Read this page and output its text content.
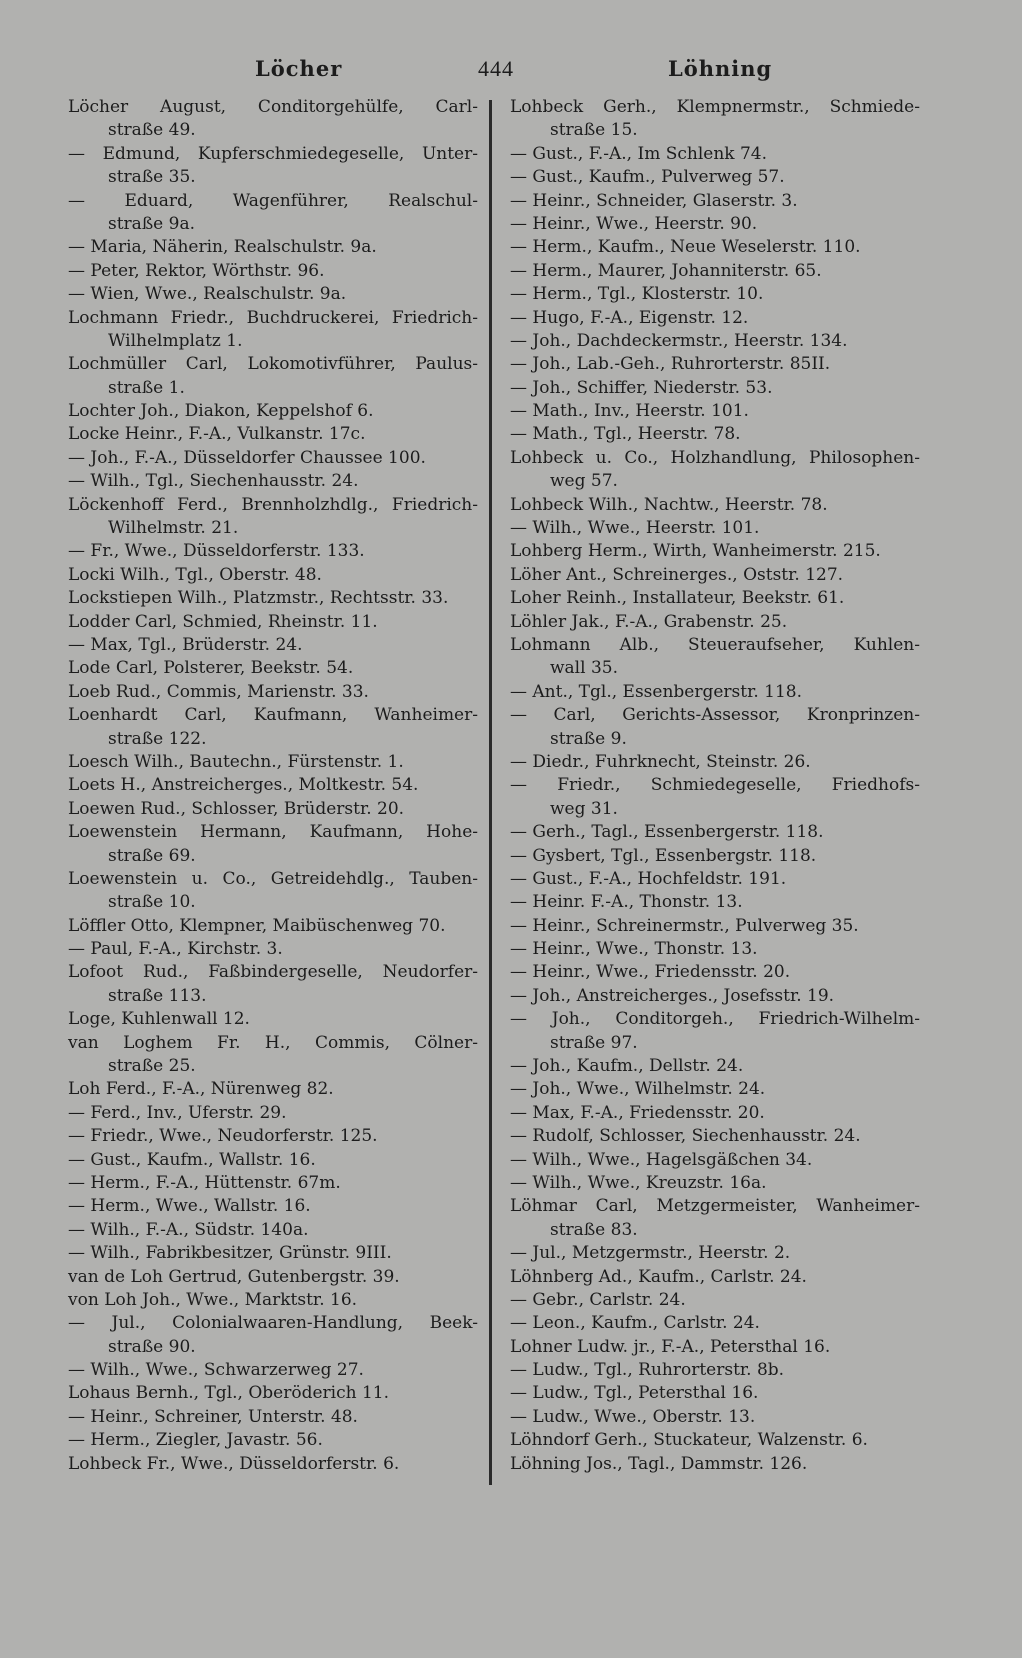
Löcher	444	Löhning
Löcher August, Conditorgehülfe, Carl-
straße 49.
— Edmund, Kupferschmiedegeselle, Unter-
straße 35.
— Eduard, Wagenführer, Realschul-
straße 9a.
— Maria, Näherin, Realschulstr. 9a.
— Peter, Rektor, Wörthstr. 96.
— Wien, Wwe., Realschulstr. 9a.
Lochmann Friedr., Buchdruckerei, Friedrich-
Wilhelmplatz 1.
Lochmüller Carl, Lokomotivführer, Paulus-
straße 1.
Lochter Joh., Diakon, Keppelshof 6.
Locke Heinr., F.-A., Vulkanstr. 17c.
— Joh., F.-A., Düsseldorfer Chaussee 100.
— Wilh., Tgl., Siechenhausstr. 24.
Löckenhoff Ferd., Brennholzhdlg., Friedrich-
Wilhelmstr. 21.
— Fr., Wwe., Düsseldorferstr. 133.
Locki Wilh., Tgl., Oberstr. 48.
Lockstiepen Wilh., Platzmstr., Rechtsstr. 33.
Lodder Carl, Schmied, Rheinstr. 11.
— Max, Tgl., Brüderstr. 24.
Lode Carl, Polsterer, Beekstr. 54.
Loeb Rud., Commis, Marienstr. 33.
Loenhardt Carl, Kaufmann, Wanheimer-
straße 122.
Loesch Wilh., Bautechn., Fürstenstr. 1.
Loets H., Anstreicherges., Moltkestr. 54.
Loewen Rud., Schlosser, Brüderstr. 20.
Loewenstein Hermann, Kaufmann, Hohe-
straße 69.
Loewenstein u. Co., Getreidehdlg., Tauben-
straße 10.
Löffler Otto, Klempner, Maibüschenweg 70.
— Paul, F.-A., Kirchstr. 3.
Lofoot Rud., Faßbindergeselle, Neudorfer-
straße 113.
Loge, Kuhlenwall 12.
van Loghem Fr. H., Commis, Cölner-
straße 25.
Loh Ferd., F.-A., Nürenweg 82.
— Ferd., Inv., Uferstr. 29.
— Friedr., Wwe., Neudorferstr. 125.
— Gust., Kaufm., Wallstr. 16.
— Herm., F.-A., Hüttenstr. 67m.
— Herm., Wwe., Wallstr. 16.
— Wilh., F.-A., Südstr. 140a.
— Wilh., Fabrikbesitzer, Grünstr. 9III.
van de Loh Gertrud, Gutenbergstr. 39.
von Loh Joh., Wwe., Marktstr. 16.
— Jul., Colonialwaaren-Handlung, Beek-
straße 90.
— Wilh., Wwe., Schwarzerweg 27.
Lohaus Bernh., Tgl., Oberöderich 11.
— Heinr., Schreiner, Unterstr. 48.
— Herm., Ziegler, Javastr. 56.
Lohbeck Fr., Wwe., Düsseldorferstr. 6.
Lohbeck Gerh., Klempnermstr., Schmiede-
straße 15.
— Gust., F.-A., Im Schlenk 74.
— Gust., Kaufm., Pulverweg 57.
— Heinr., Schneider, Glaserstr. 3.
— Heinr., Wwe., Heerstr. 90.
— Herm., Kaufm., Neue Weselerstr. 110.
— Herm., Maurer, Johanniterstr. 65.
— Herm., Tgl., Klosterstr. 10.
— Hugo, F.-A., Eigenstr. 12.
— Joh., Dachdeckermstr., Heerstr. 134.
— Joh., Lab.-Geh., Ruhrorterstr. 85II.
— Joh., Schiffer, Niederstr. 53.
— Math., Inv., Heerstr. 101.
— Math., Tgl., Heerstr. 78.
Lohbeck u. Co., Holzhandlung, Philosophen-
weg 57.
Lohbeck Wilh., Nachtw., Heerstr. 78.
— Wilh., Wwe., Heerstr. 101.
Lohberg Herm., Wirth, Wanheimerstr. 215.
Löher Ant., Schreinerges., Oststr. 127.
Loher Reinh., Installateur, Beekstr. 61.
Löhler Jak., F.-A., Grabenstr. 25.
Lohmann Alb., Steueraufseher, Kuhlen-
wall 35.
— Ant., Tgl., Essenbergerstr. 118.
— Carl, Gerichts-Assessor, Kronprinzen-
straße 9.
— Diedr., Fuhrknecht, Steinstr. 26.
— Friedr., Schmiedegeselle, Friedhofs-
weg 31.
— Gerh., Tagl., Essenbergerstr. 118.
— Gysbert, Tgl., Essenbergstr. 118.
— Gust., F.-A., Hochfeldstr. 191.
— Heinr. F.-A., Thonstr. 13.
— Heinr., Schreinermstr., Pulverweg 35.
— Heinr., Wwe., Thonstr. 13.
— Heinr., Wwe., Friedensstr. 20.
— Joh., Anstreicherges., Josefsstr. 19.
— Joh., Conditorgeh., Friedrich-Wilhelm-
straße 97.
— Joh., Kaufm., Dellstr. 24.
— Joh., Wwe., Wilhelmstr. 24.
— Max, F.-A., Friedensstr. 20.
— Rudolf, Schlosser, Siechenhausstr. 24.
— Wilh., Wwe., Hagelsgäßchen 34.
— Wilh., Wwe., Kreuzstr. 16a.
Löhmar Carl, Metzgermeister, Wanheimer-
straße 83.
— Jul., Metzgermstr., Heerstr. 2.
Löhnberg Ad., Kaufm., Carlstr. 24.
— Gebr., Carlstr. 24.
— Leon., Kaufm., Carlstr. 24.
Lohner Ludw. jr., F.-A., Petersthal 16.
— Ludw., Tgl., Ruhrorterstr. 8b.
— Ludw., Tgl., Petersthal 16.
— Ludw., Wwe., Oberstr. 13.
Löhndorf Gerh., Stuckateur, Walzenstr. 6.
Löhning Jos., Tagl., Dammstr. 126.
